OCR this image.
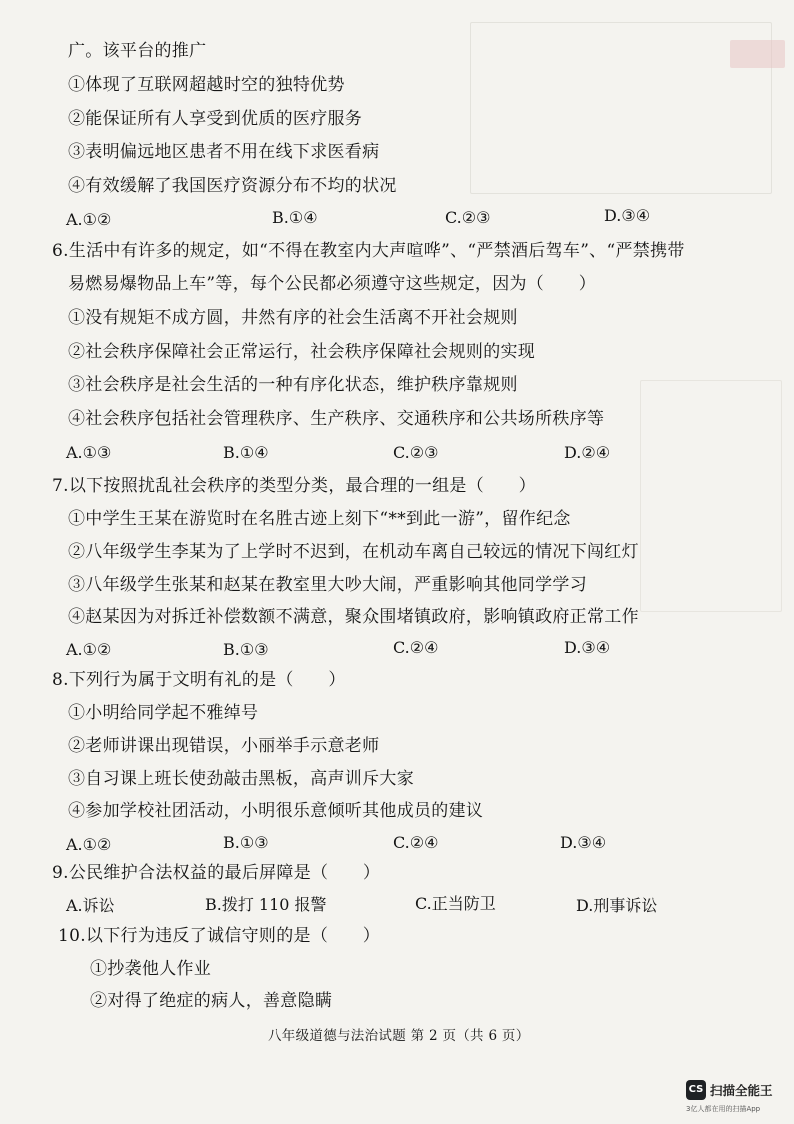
广。该平台的推广
①体现了互联网超越时空的独特优势
②能保证所有人享受到优质的医疗服务
③表明偏远地区患者不用在线下求医看病
④有效缓解了我国医疗资源分布不均的状况
A.①②	B.①④	C.②③	D.③④
6.生活中有许多的规定，如“不得在教室内大声喧哗”、“严禁酒后驾车”、“严禁携带
易燃易爆物品上车”等，每个公民都必须遵守这些规定，因为（　　）
①没有规矩不成方圆，井然有序的社会生活离不开社会规则
②社会秩序保障社会正常运行，社会秩序保障社会规则的实现
③社会秩序是社会生活的一种有序化状态，维护秩序靠规则
④社会秩序包括社会管理秩序、生产秩序、交通秩序和公共场所秩序等
A.①③	B.①④	C.②③	D.②④
7.以下按照扰乱社会秩序的类型分类，最合理的一组是（　　）
①中学生王某在游览时在名胜古迹上刻下“**到此一游”，留作纪念
②八年级学生李某为了上学时不迟到，在机动车离自己较远的情况下闯红灯
③八年级学生张某和赵某在教室里大吵大闹，严重影响其他同学学习
④赵某因为对拆迁补偿数额不满意，聚众围堵镇政府，影响镇政府正常工作
A.①②	B.①③	C.②④	D.③④
8.下列行为属于文明有礼的是（　　）
①小明给同学起不雅绰号
②老师讲课出现错误，小丽举手示意老师
③自习课上班长使劲敲击黑板，高声训斥大家
④参加学校社团活动，小明很乐意倾听其他成员的建议
A.①②	B.①③	C.②④	D.③④
9.公民维护合法权益的最后屏障是（　　）
A.诉讼	B.拨打 110 报警	C.正当防卫	D.刑事诉讼
10.以下行为违反了诚信守则的是（　　）
①抄袭他人作业
②对得了绝症的病人，善意隐瞒
八年级道德与法治试题 第 2 页（共 6 页）
CS 扫描全能王
3亿人都在用的扫描App
